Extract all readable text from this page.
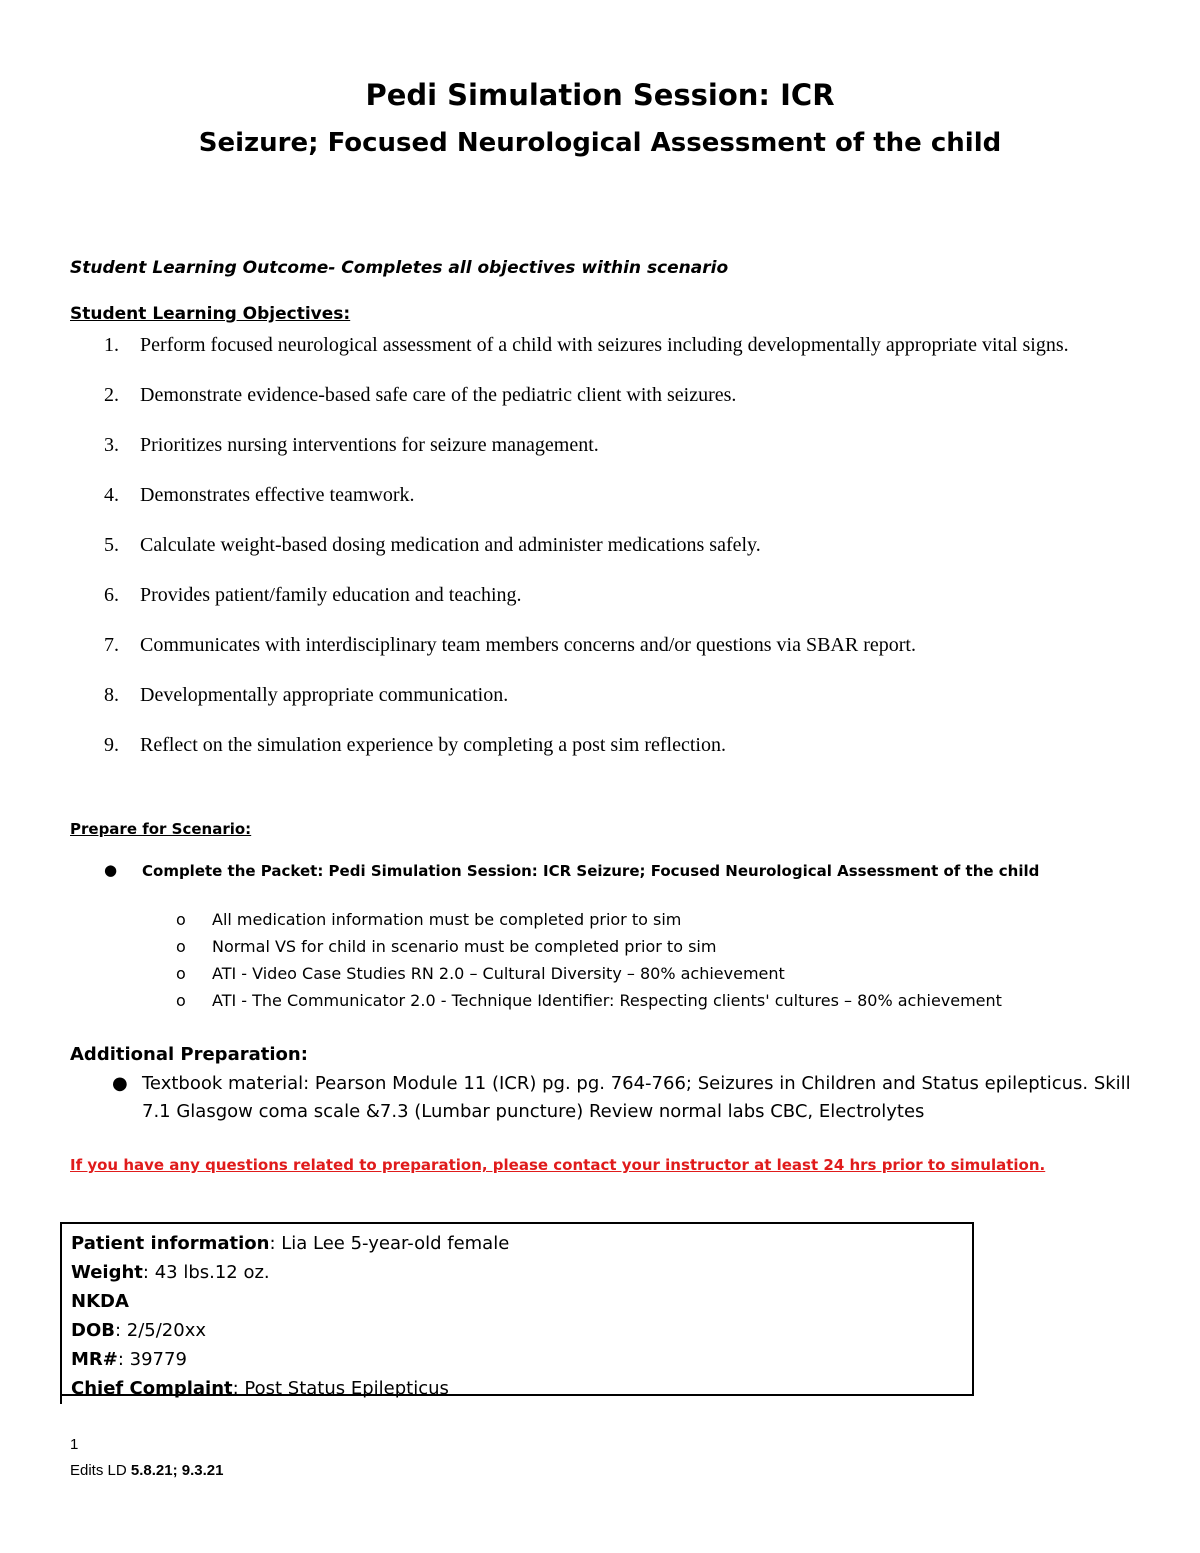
Pedi Simulation Session: ICR
Seizure; Focused Neurological Assessment of the child
Student Learning Outcome- Completes all objectives within scenario
Student Learning Objectives:
1. Perform focused neurological assessment of a child with seizures including developmentally appropriate vital signs.
2. Demonstrate evidence-based safe care of the pediatric client with seizures.
3. Prioritizes nursing interventions for seizure management.
4. Demonstrates effective teamwork.
5. Calculate weight-based dosing medication and administer medications safely.
6. Provides patient/family education and teaching.
7. Communicates with interdisciplinary team members concerns and/or questions via SBAR report.
8. Developmentally appropriate communication.
9. Reflect on the simulation experience by completing a post sim reflection.
Prepare for Scenario:
● Complete the Packet: Pedi Simulation Session: ICR Seizure; Focused Neurological Assessment of the child
o All medication information must be completed prior to sim
o Normal VS for child in scenario must be completed prior to sim
o ATI - Video Case Studies RN 2.0 – Cultural Diversity – 80% achievement
o ATI - The Communicator 2.0 - Technique Identifier: Respecting clients' cultures – 80% achievement
Additional Preparation:
● Textbook material: Pearson Module 11 (ICR) pg. pg. 764-766; Seizures in Children and Status epilepticus. Skill 7.1 Glasgow coma scale &7.3 (Lumbar puncture) Review normal labs CBC, Electrolytes
If you have any questions related to preparation, please contact your instructor at least 24 hrs prior to simulation.
Patient information: Lia Lee 5-year-old female
Weight: 43 lbs.12 oz.
NKDA
DOB: 2/5/20xx
MR#: 39779
Chief Complaint: Post Status Epilepticus
1
Edits LD 5.8.21; 9.3.21
